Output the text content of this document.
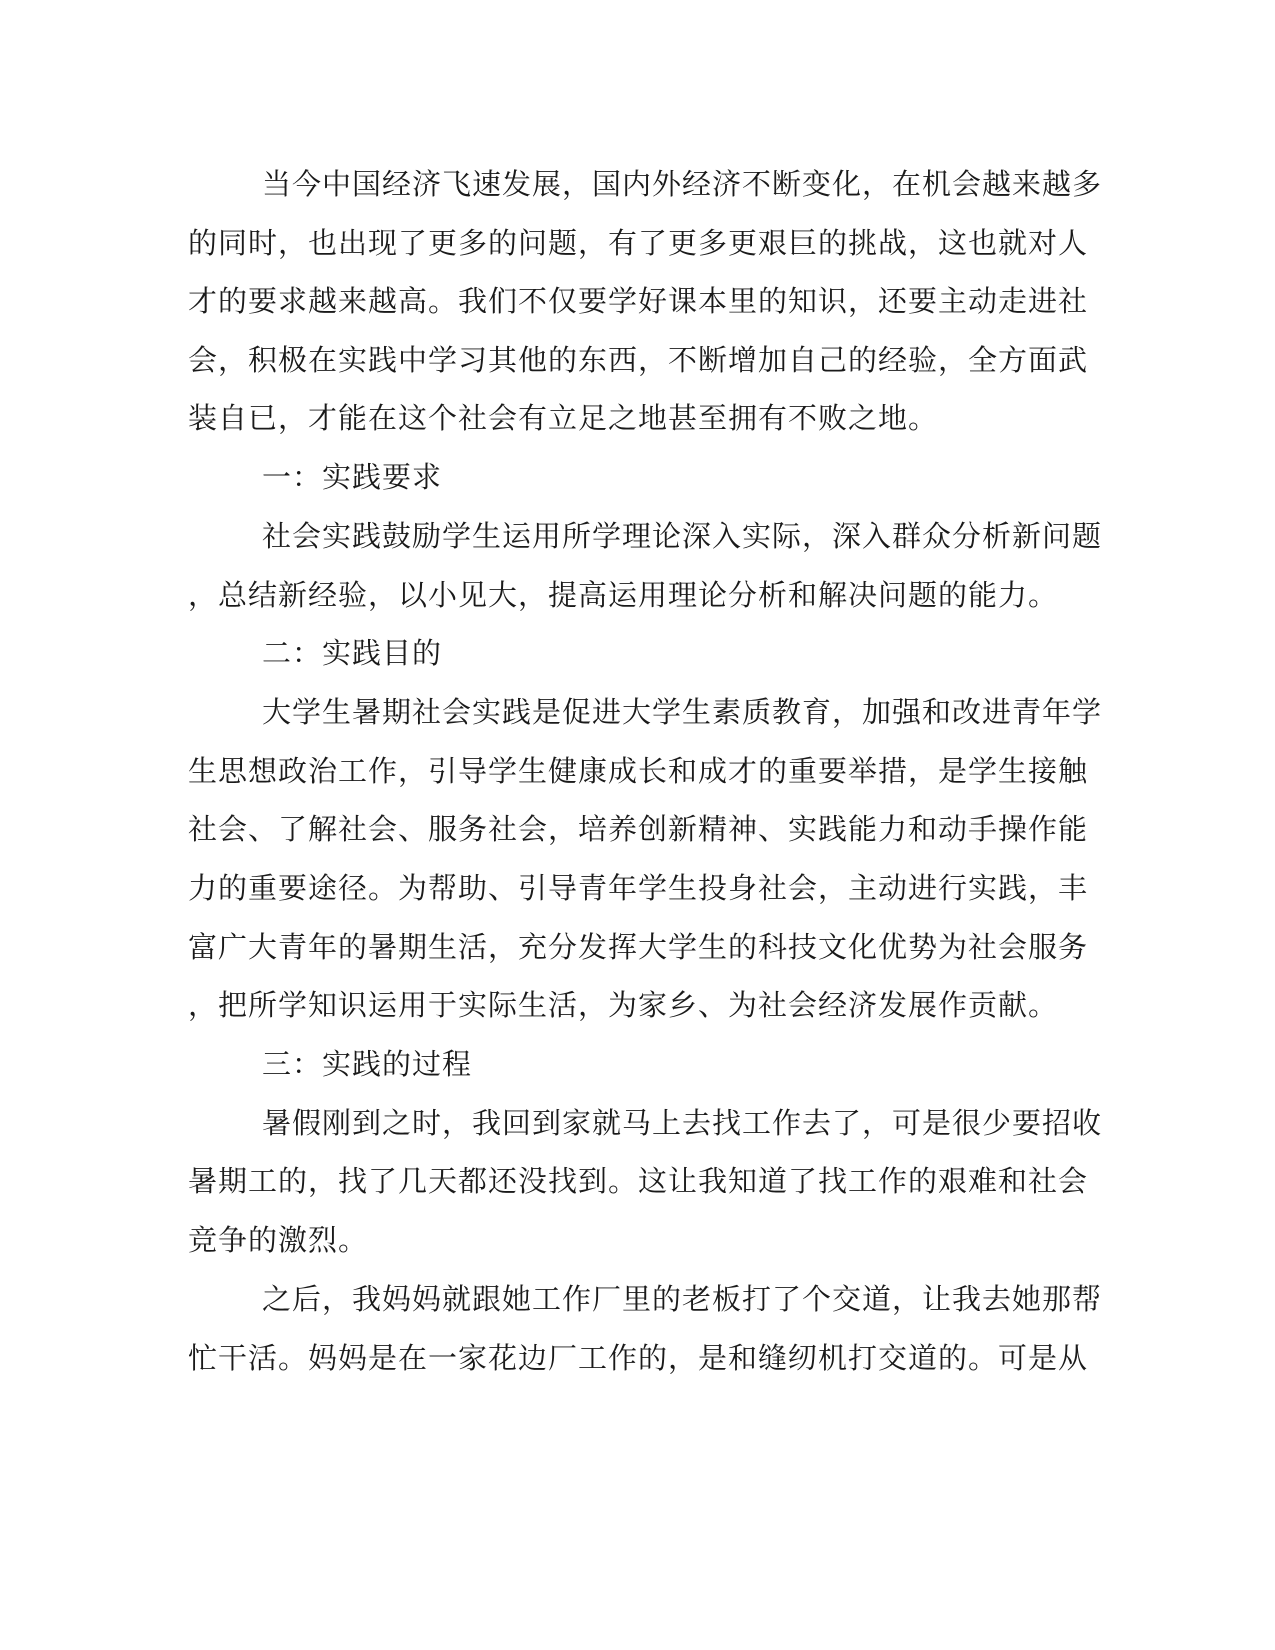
当今中国经济飞速发展，国内外经济不断变化，在机会越来越多
的同时，也出现了更多的问题，有了更多更艰巨的挑战，这也就对人
才的要求越来越高。我们不仅要学好课本里的知识，还要主动走进社
会，积极在实践中学习其他的东西，不断增加自己的经验，全方面武
装自已，才能在这个社会有立足之地甚至拥有不败之地。
一：实践要求
社会实践鼓励学生运用所学理论深入实际，深入群众分析新问题
，总结新经验，以小见大，提高运用理论分析和解决问题的能力。
二：实践目的
大学生暑期社会实践是促进大学生素质教育，加强和改进青年学
生思想政治工作，引导学生健康成长和成才的重要举措，是学生接触
社会、了解社会、服务社会，培养创新精神、实践能力和动手操作能
力的重要途径。为帮助、引导青年学生投身社会，主动进行实践，丰
富广大青年的暑期生活，充分发挥大学生的科技文化优势为社会服务
，把所学知识运用于实际生活，为家乡、为社会经济发展作贡献。
三：实践的过程
暑假刚到之时，我回到家就马上去找工作去了，可是很少要招收
暑期工的，找了几天都还没找到。这让我知道了找工作的艰难和社会
竞争的激烈。
之后，我妈妈就跟她工作厂里的老板打了个交道，让我去她那帮
忙干活。妈妈是在一家花边厂工作的，是和缝纫机打交道的。可是从
